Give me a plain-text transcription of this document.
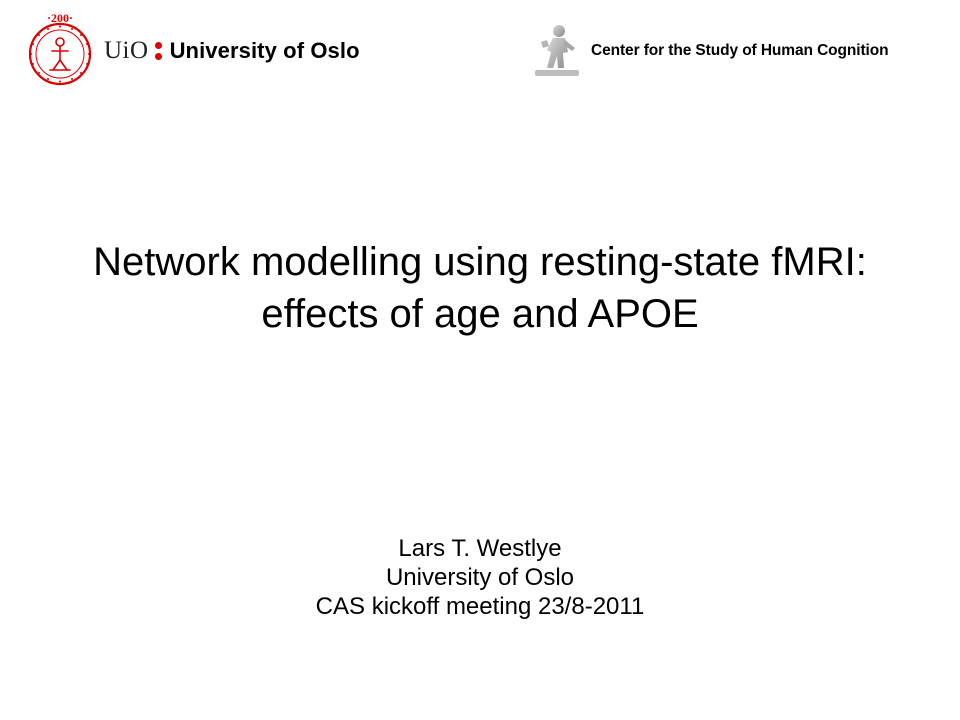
·200·
UiO University of Oslo	Center for the Study of Human Cognition
Network modelling using resting-state fMRI:
effects of age and APOE
Lars T. Westlye
University of Oslo
CAS kickoff meeting 23/8-2011
